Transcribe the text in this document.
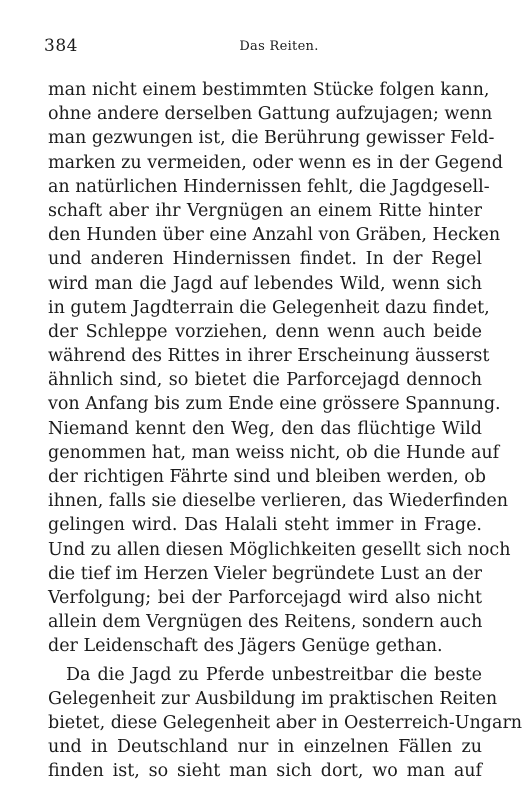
384	Das Reiten.
man nicht einem bestimmten Stücke folgen kann,
ohne andere derselben Gattung aufzujagen; wenn
man gezwungen ist, die Berührung gewisser Feld-
marken zu vermeiden, oder wenn es in der Gegend
an natürlichen Hindernissen fehlt, die Jagdgesell-
schaft aber ihr Vergnügen an einem Ritte hinter
den Hunden über eine Anzahl von Gräben, Hecken
und anderen Hindernissen findet. In der Regel
wird man die Jagd auf lebendes Wild, wenn sich
in gutem Jagdterrain die Gelegenheit dazu findet,
der Schleppe vorziehen, denn wenn auch beide
während des Rittes in ihrer Erscheinung äusserst
ähnlich sind, so bietet die Parforcejagd dennoch
von Anfang bis zum Ende eine grössere Spannung.
Niemand kennt den Weg, den das flüchtige Wild
genommen hat, man weiss nicht, ob die Hunde auf
der richtigen Fährte sind und bleiben werden, ob
ihnen, falls sie dieselbe verlieren, das Wiederfinden
gelingen wird. Das Halali steht immer in Frage.
Und zu allen diesen Möglichkeiten gesellt sich noch
die tief im Herzen Vieler begründete Lust an der
Verfolgung; bei der Parforcejagd wird also nicht
allein dem Vergnügen des Reitens, sondern auch
der Leidenschaft des Jägers Genüge gethan.
Da die Jagd zu Pferde unbestreitbar die beste
Gelegenheit zur Ausbildung im praktischen Reiten
bietet, diese Gelegenheit aber in Oesterreich-Ungarn
und in Deutschland nur in einzelnen Fällen zu
finden ist, so sieht man sich dort, wo man auf
